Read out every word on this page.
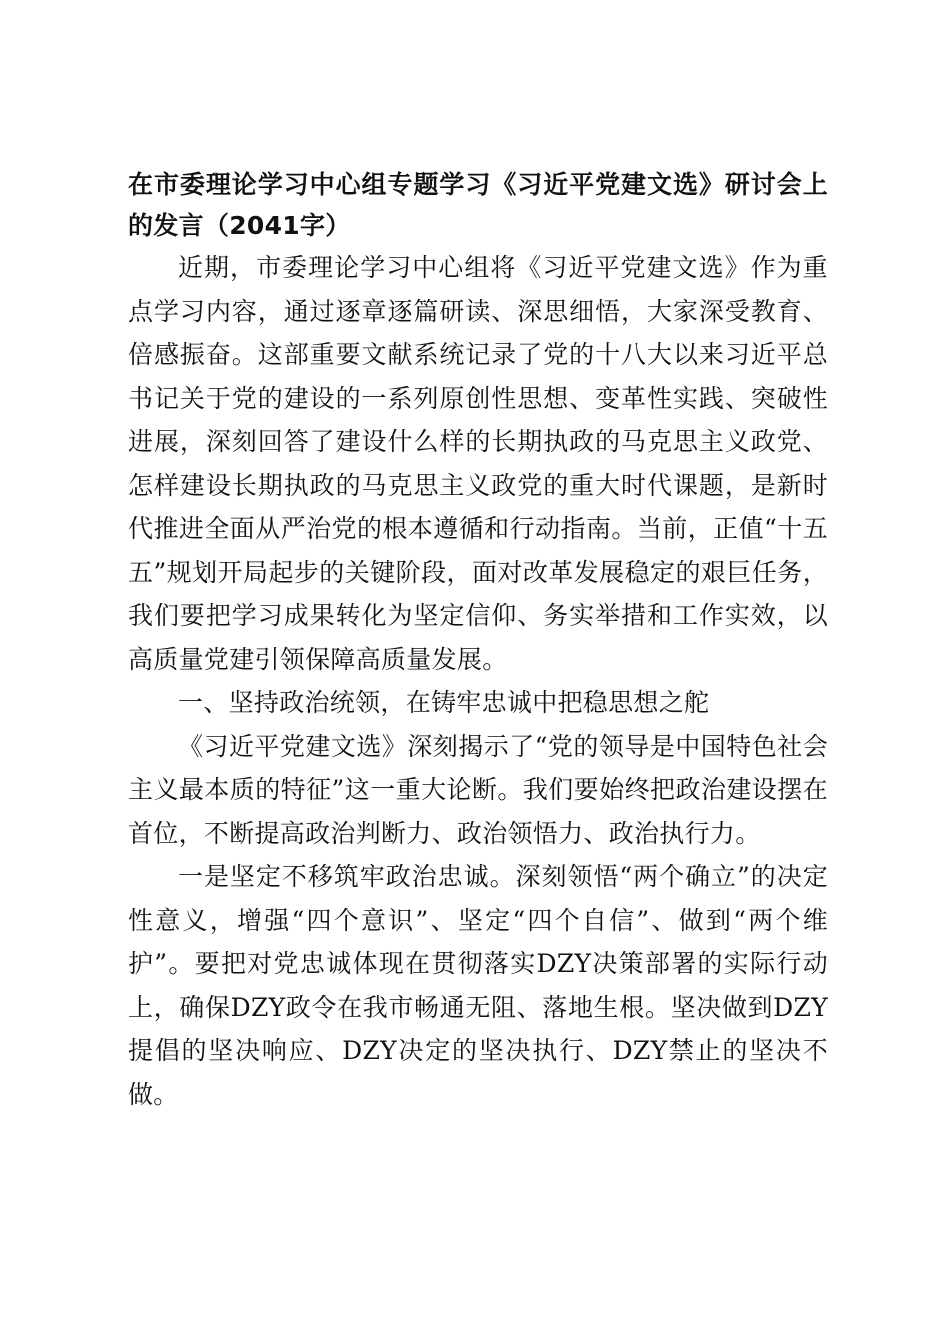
在市委理论学习中心组专题学习《习近平党建文选》研讨会上的发言（2041字）

近期，市委理论学习中心组将《习近平党建文选》作为重点学习内容，通过逐章逐篇研读、深思细悟，大家深受教育、倍感振奋。这部重要文献系统记录了党的十八大以来习近平总书记关于党的建设的一系列原创性思想、变革性实践、突破性进展，深刻回答了建设什么样的长期执政的马克思主义政党、怎样建设长期执政的马克思主义政党的重大时代课题，是新时代推进全面从严治党的根本遵循和行动指南。当前，正值“十五五”规划开局起步的关键阶段，面对改革发展稳定的艰巨任务，我们要把学习成果转化为坚定信仰、务实举措和工作实效，以高质量党建引领保障高质量发展。

一、坚持政治统领，在铸牢忠诚中把稳思想之舵

《习近平党建文选》深刻揭示了“党的领导是中国特色社会主义最本质的特征”这一重大论断。我们要始终把政治建设摆在首位，不断提高政治判断力、政治领悟力、政治执行力。

一是坚定不移筑牢政治忠诚。深刻领悟“两个确立”的决定性意义，增强“四个意识”、坚定“四个自信”、做到“两个维护”。要把对党忠诚体现在贯彻落实DZY决策部署的实际行动上，确保DZY政令在我市畅通无阻、落地生根。坚决做到DZY提倡的坚决响应、DZY决定的坚决执行、DZY禁止的坚决不做。
